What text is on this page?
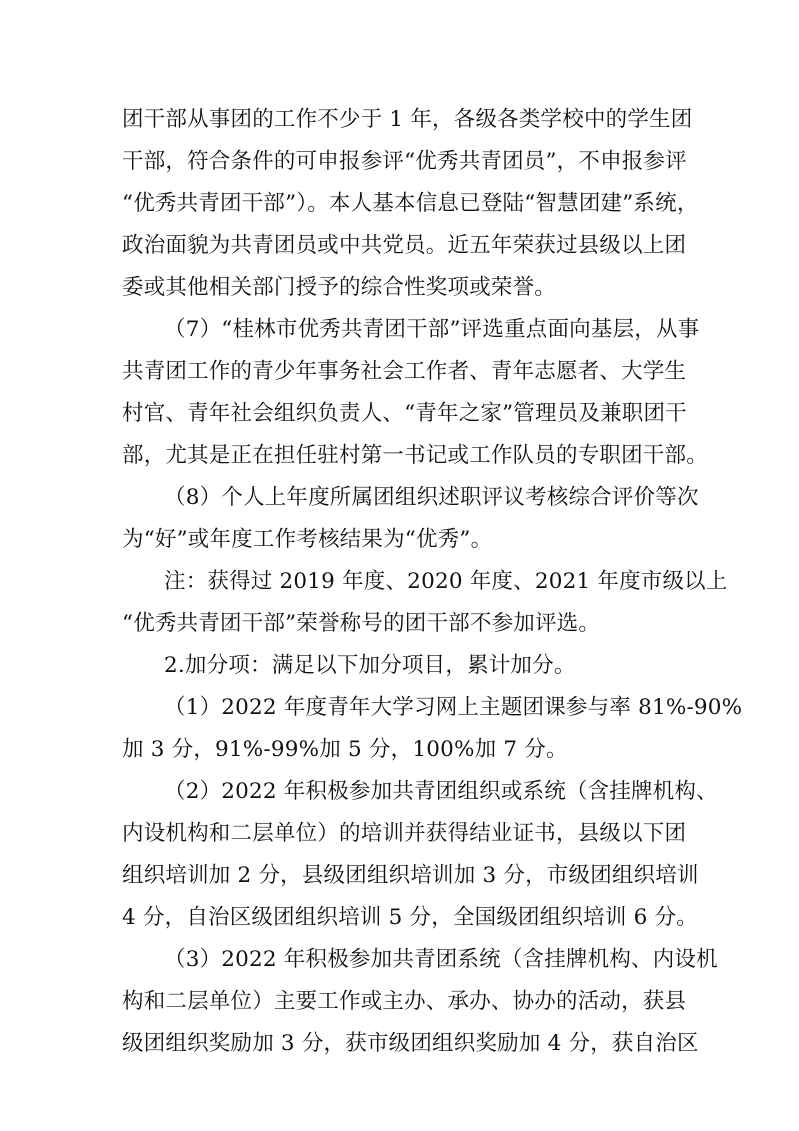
团干部从事团的工作不少于 1 年，各级各类学校中的学生团
干部，符合条件的可申报参评“优秀共青团员”，不申报参评
“优秀共青团干部”）。本人基本信息已登陆“智慧团建”系统，
政治面貌为共青团员或中共党员。近五年荣获过县级以上团
委或其他相关部门授予的综合性奖项或荣誉。
（7）“桂林市优秀共青团干部”评选重点面向基层，从事
共青团工作的青少年事务社会工作者、青年志愿者、大学生
村官、青年社会组织负责人、“青年之家”管理员及兼职团干
部，尤其是正在担任驻村第一书记或工作队员的专职团干部。
（8）个人上年度所属团组织述职评议考核综合评价等次
为“好”或年度工作考核结果为“优秀”。
注：获得过 2019 年度、2020 年度、2021 年度市级以上
“优秀共青团干部”荣誉称号的团干部不参加评选。
2.加分项：满足以下加分项目，累计加分。
（1）2022 年度青年大学习网上主题团课参与率 81%-90%
加 3 分，91%-99%加 5 分，100%加 7 分。
（2）2022 年积极参加共青团组织或系统（含挂牌机构、
内设机构和二层单位）的培训并获得结业证书，县级以下团
组织培训加 2 分，县级团组织培训加 3 分，市级团组织培训
4 分，自治区级团组织培训 5 分，全国级团组织培训 6 分。
（3）2022 年积极参加共青团系统（含挂牌机构、内设机
构和二层单位）主要工作或主办、承办、协办的活动，获县
级团组织奖励加 3 分，获市级团组织奖励加 4 分，获自治区
